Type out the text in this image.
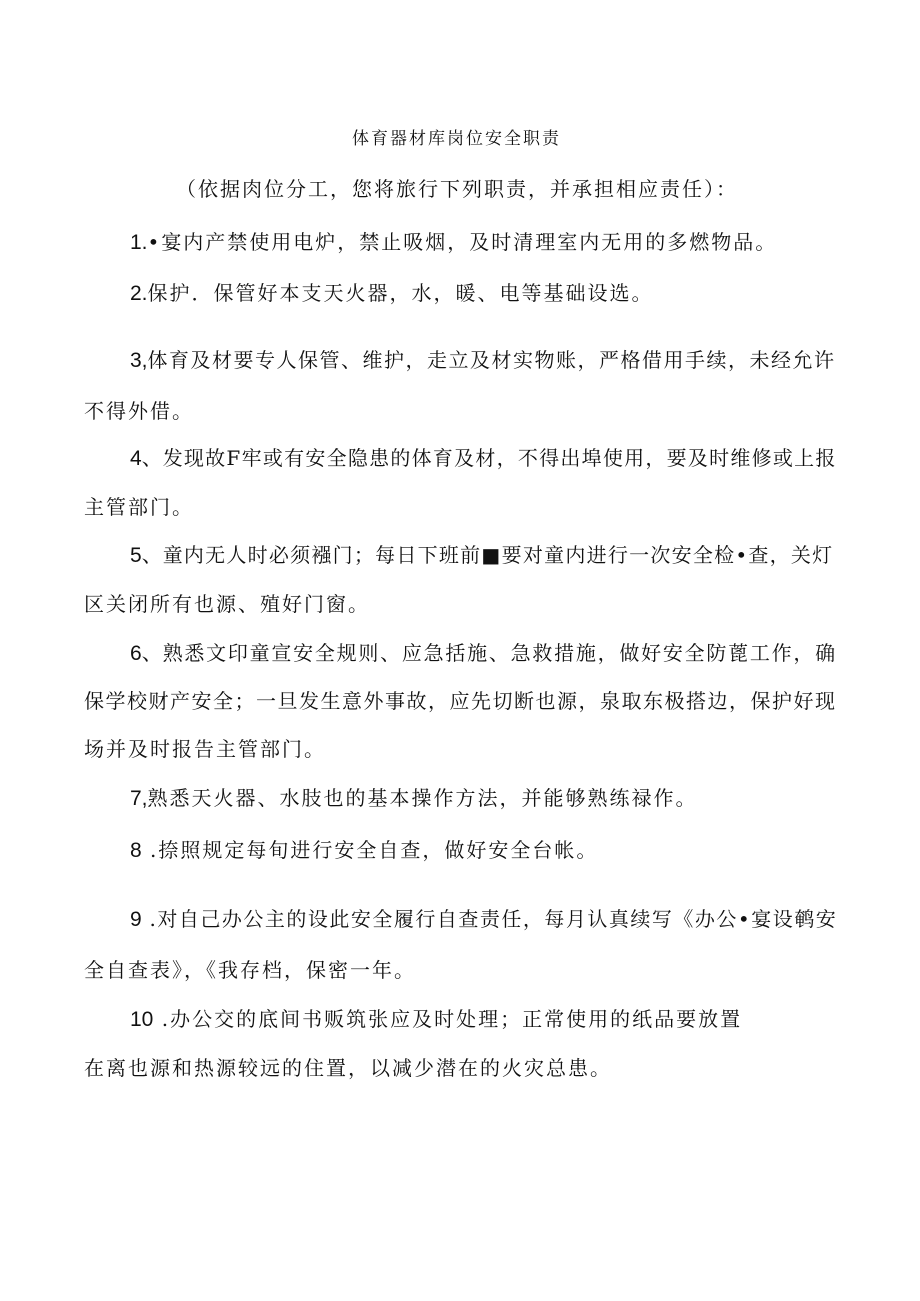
体育器材库岗位安全职责
（依据肉位分工，您将旅行下列职责，并承担相应责任）：
1.•宴内产禁使用电炉，禁止吸烟，及时清理室内无用的多燃物品。
2.保护．保管好本支天火器，水，暖、电等基础设选。
3,体育及材要专人保管、维护，走立及材实物账，严格借用手续，未经允许
不得外借。
4、发现故F牢或有安全隐患的体育及材，不得出埠使用，要及时维修或上报
主管部门。
5、童内无人时必须襁门；每日下班前■要对童内进行一次安全检•查，关灯
区关闭所有也源、殖好门窗。
6、熟悉文印童宣安全规则、应急括施、急救措施，做好安全防蓖工作，确
保学校财产安全；一旦发生意外事故，应先切断也源，泉取东极搭边，保护好现
场并及时报告主管部门。
7,熟悉天火器、水肢也的基本操作方法，并能够熟练禄作。
8 .捺照规定每旬进行安全自查，做好安全台帐。
9 .对自己办公主的设此安全履行自查责任，每月认真续写《办公•宴设鹌安
全自查表》，《我存档，保密一年。
10 .办公交的底间书贩筑张应及时处理；正常使用的纸品要放置
在离也源和热源较远的住置，以减少潜在的火灾总患。
